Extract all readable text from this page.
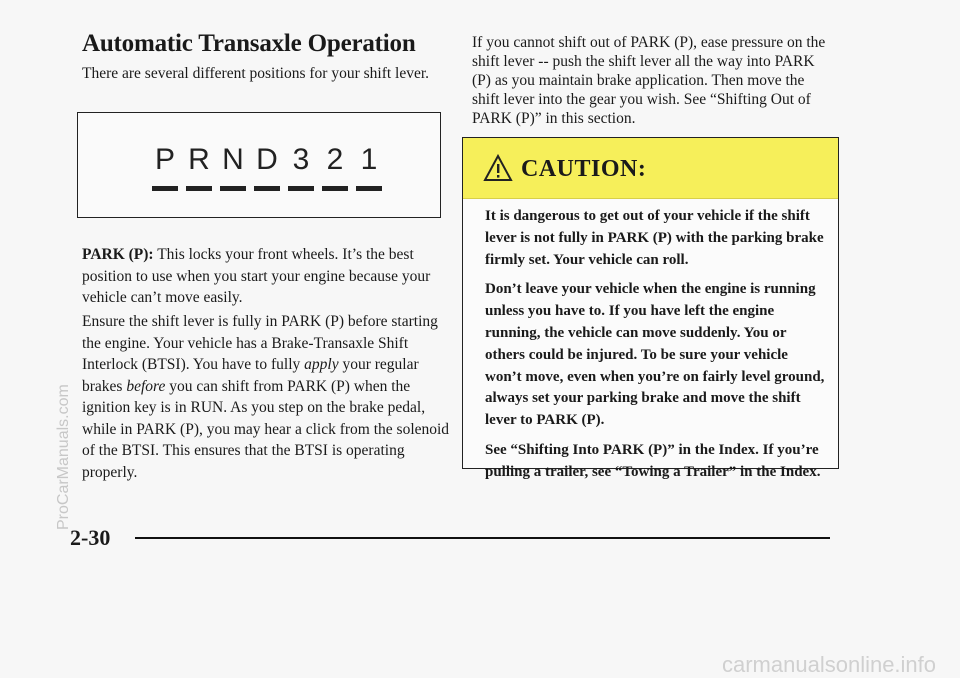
Automatic Transaxle Operation
There are several different positions for your shift lever.
P R N D 3 2 1

PARK (P): This locks your front wheels. It’s the best position to use when you start your engine because your vehicle can’t move easily.

Ensure the shift lever is fully in PARK (P) before starting the engine. Your vehicle has a Brake-Transaxle Shift Interlock (BTSI). You have to fully apply your regular brakes before you can shift from PARK (P) when the ignition key is in RUN. As you step on the brake pedal, while in PARK (P), you may hear a click from the solenoid of the BTSI. This ensures that the BTSI is operating properly.

If you cannot shift out of PARK (P), ease pressure on the shift lever -- push the shift lever all the way into PARK (P) as you maintain brake application. Then move the shift lever into the gear you wish. See “Shifting Out of PARK (P)” in this section.

CAUTION:

It is dangerous to get out of your vehicle if the shift lever is not fully in PARK (P) with the parking brake firmly set. Your vehicle can roll.

Don’t leave your vehicle when the engine is running unless you have to. If you have left the engine running, the vehicle can move suddenly. You or others could be injured. To be sure your vehicle won’t move, even when you’re on fairly level ground, always set your parking brake and move the shift lever to PARK (P).

See “Shifting Into PARK (P)” in the Index. If you’re pulling a trailer, see “Towing a Trailer” in the Index.

2-30
ProCarManuals.com
carmanualsonline.info
